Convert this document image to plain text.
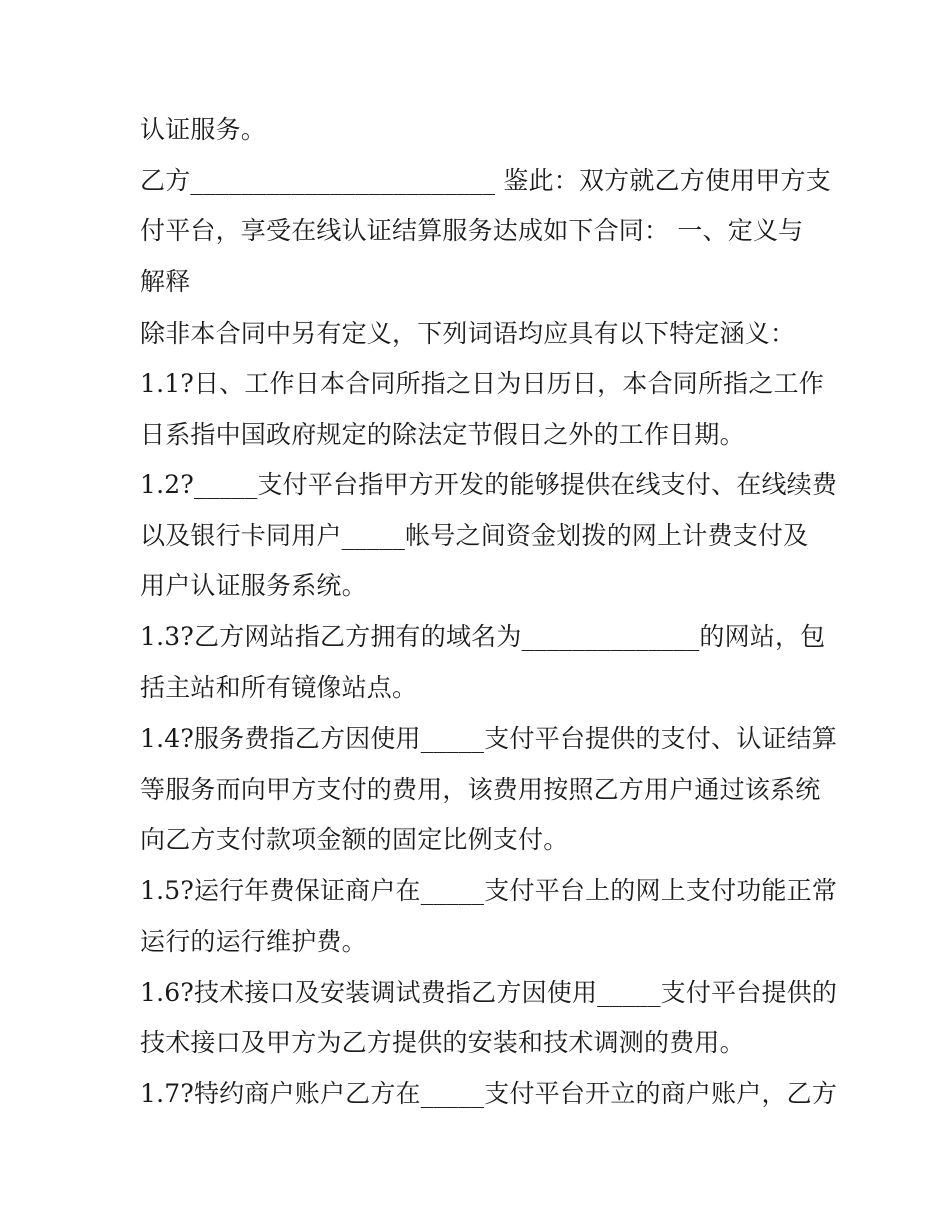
认证服务。
乙方________________________ 鉴此：双方就乙方使用甲方支
付平台，享受在线认证结算服务达成如下合同： 一、定义与
解释
除非本合同中另有定义，下列词语均应具有以下特定涵义：
1.1?日、工作日本合同所指之日为日历日，本合同所指之工作
日系指中国政府规定的除法定节假日之外的工作日期。
1.2?_____支付平台指甲方开发的能够提供在线支付、在线续费
以及银行卡同用户_____帐号之间资金划拨的网上计费支付及
用户认证服务系统。
1.3?乙方网站指乙方拥有的域名为______________的网站，包
括主站和所有镜像站点。
1.4?服务费指乙方因使用_____支付平台提供的支付、认证结算
等服务而向甲方支付的费用，该费用按照乙方用户通过该系统
向乙方支付款项金额的固定比例支付。
1.5?运行年费保证商户在_____支付平台上的网上支付功能正常
运行的运行维护费。
1.6?技术接口及安装调试费指乙方因使用_____支付平台提供的
技术接口及甲方为乙方提供的安装和技术调测的费用。
1.7?特约商户账户乙方在_____支付平台开立的商户账户，乙方
